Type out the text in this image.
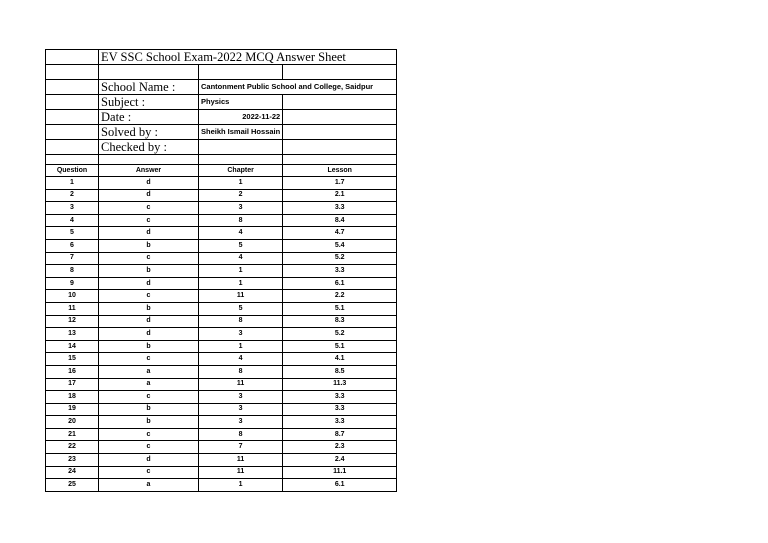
	EV SSC School Exam-2022 MCQ Answer Sheet		

	School Name :	Cantonment Public School and College, Saidpur	
	Subject :	Physics	
	Date :	2022-11-22	
	Solved by :	Sheikh Ismail Hossain	
	Checked by :		

Question	Answer	Chapter	Lesson
1	d	1	1.7
2	d	2	2.1
3	c	3	3.3
4	c	8	8.4
5	d	4	4.7
6	b	5	5.4
7	c	4	5.2
8	b	1	3.3
9	d	1	6.1
10	c	11	2.2
11	b	5	5.1
12	d	8	8.3
13	d	3	5.2
14	b	1	5.1
15	c	4	4.1
16	a	8	8.5
17	a	11	11.3
18	c	3	3.3
19	b	3	3.3
20	b	3	3.3
21	c	8	8.7
22	c	7	2.3
23	d	11	2.4
24	c	11	11.1
25	a	1	6.1
